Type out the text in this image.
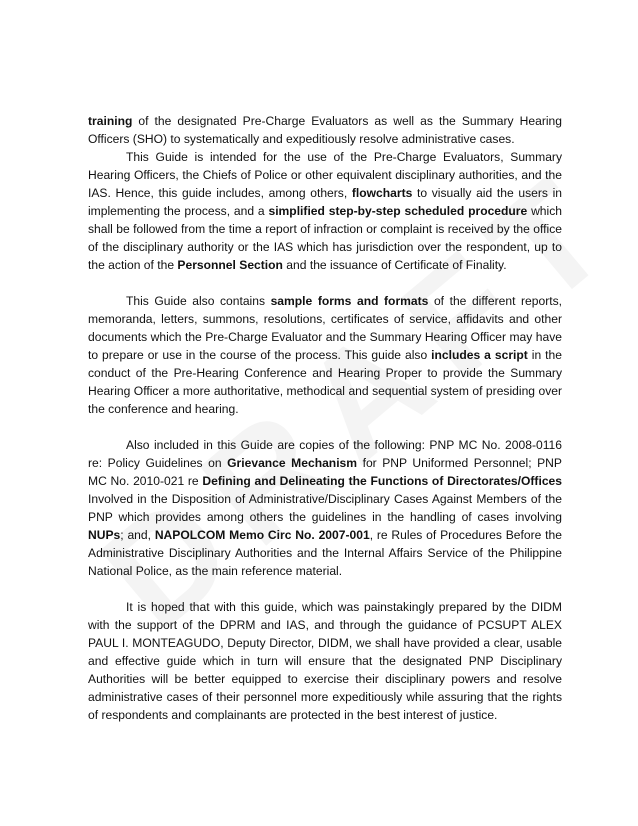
training of the designated Pre-Charge Evaluators as well as the Summary Hearing Officers (SHO) to systematically and expeditiously resolve administrative cases.

This Guide is intended for the use of the Pre-Charge Evaluators, Summary Hearing Officers, the Chiefs of Police or other equivalent disciplinary authorities, and the IAS. Hence, this guide includes, among others, flowcharts to visually aid the users in implementing the process, and a simplified step-by-step scheduled procedure which shall be followed from the time a report of infraction or complaint is received by the office of the disciplinary authority or the IAS which has jurisdiction over the respondent, up to the action of the Personnel Section and the issuance of Certificate of Finality.

This Guide also contains sample forms and formats of the different reports, memoranda, letters, summons, resolutions, certificates of service, affidavits and other documents which the Pre-Charge Evaluator and the Summary Hearing Officer may have to prepare or use in the course of the process. This guide also includes a script in the conduct of the Pre-Hearing Conference and Hearing Proper to provide the Summary Hearing Officer a more authoritative, methodical and sequential system of presiding over the conference and hearing.

Also included in this Guide are copies of the following: PNP MC No. 2008-0116 re: Policy Guidelines on Grievance Mechanism for PNP Uniformed Personnel; PNP MC No. 2010-021 re Defining and Delineating the Functions of Directorates/Offices Involved in the Disposition of Administrative/Disciplinary Cases Against Members of the PNP which provides among others the guidelines in the handling of cases involving NUPs; and, NAPOLCOM Memo Circ No. 2007-001, re Rules of Procedures Before the Administrative Disciplinary Authorities and the Internal Affairs Service of the Philippine National Police, as the main reference material.

It is hoped that with this guide, which was painstakingly prepared by the DIDM with the support of the DPRM and IAS, and through the guidance of PCSUPT ALEX PAUL I. MONTEAGUDO, Deputy Director, DIDM, we shall have provided a clear, usable and effective guide which in turn will ensure that the designated PNP Disciplinary Authorities will be better equipped to exercise their disciplinary powers and resolve administrative cases of their personnel more expeditiously while assuring that the rights of respondents and complainants are protected in the best interest of justice.
